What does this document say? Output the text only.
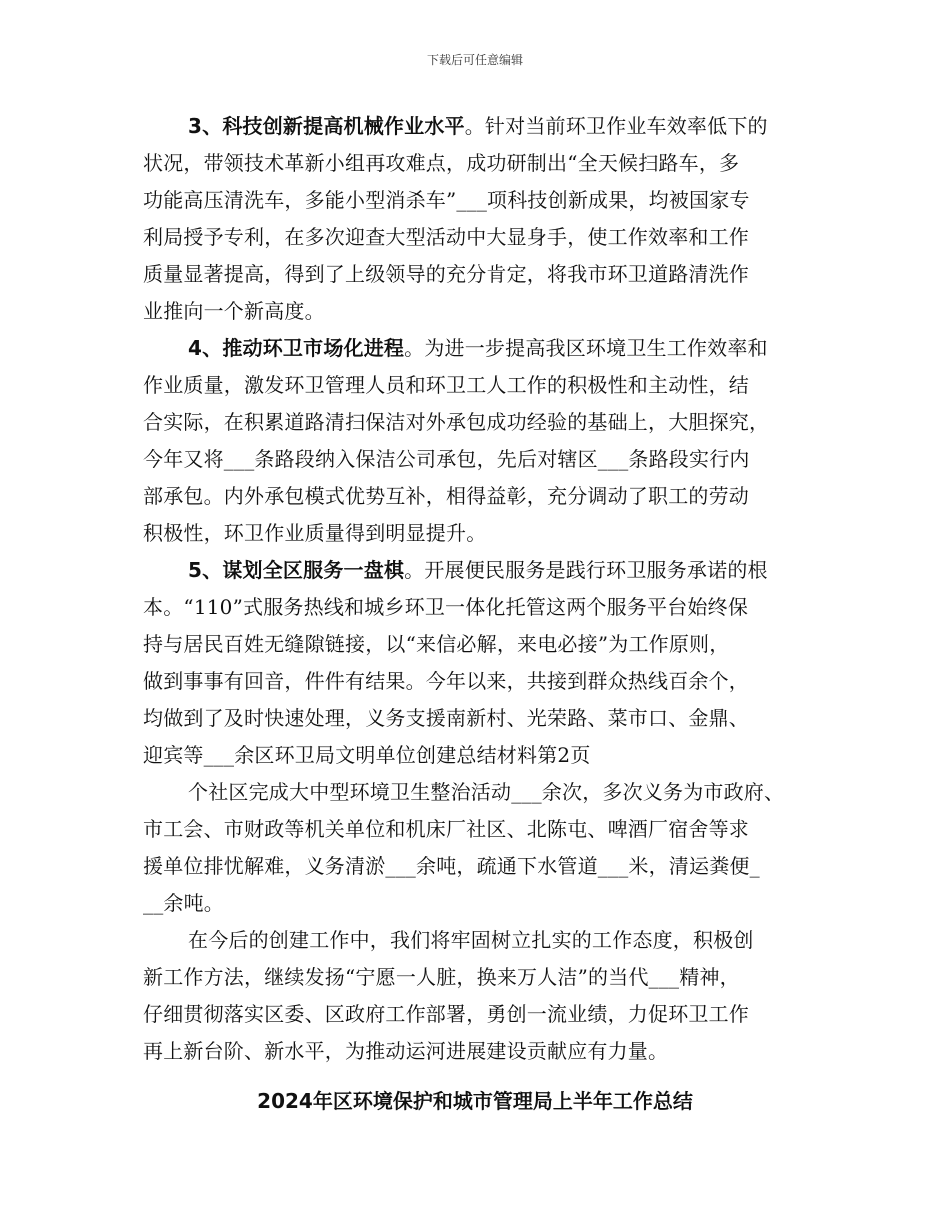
下载后可任意编辑
3、科技创新提高机械作业水平。针对当前环卫作业车效率低下的
状况，带领技术革新小组再攻难点，成功研制出“全天候扫路车，多
功能高压清洗车，多能小型消杀车”___项科技创新成果，均被国家专
利局授予专利，在多次迎查大型活动中大显身手，使工作效率和工作
质量显著提高，得到了上级领导的充分肯定，将我市环卫道路清洗作
业推向一个新高度。
4、推动环卫市场化进程。为进一步提高我区环境卫生工作效率和
作业质量，激发环卫管理人员和环卫工人工作的积极性和主动性，结
合实际，在积累道路清扫保洁对外承包成功经验的基础上，大胆探究，
今年又将___条路段纳入保洁公司承包，先后对辖区___条路段实行内
部承包。内外承包模式优势互补，相得益彰，充分调动了职工的劳动
积极性，环卫作业质量得到明显提升。
5、谋划全区服务一盘棋。开展便民服务是践行环卫服务承诺的根
本。“110”式服务热线和城乡环卫一体化托管这两个服务平台始终保
持与居民百姓无缝隙链接，以“来信必解，来电必接”为工作原则，
做到事事有回音，件件有结果。今年以来，共接到群众热线百余个，
均做到了及时快速处理，义务支援南新村、光荣路、菜市口、金鼎、
迎宾等___余区环卫局文明单位创建总结材料第2页
个社区完成大中型环境卫生整治活动___余次，多次义务为市政府、
市工会、市财政等机关单位和机床厂社区、北陈屯、啤酒厂宿舍等求
援单位排忧解难，义务清淤___余吨，疏通下水管道___米，清运粪便_
__余吨。
在今后的创建工作中，我们将牢固树立扎实的工作态度，积极创
新工作方法，继续发扬“宁愿一人脏，换来万人洁”的当代___精神，
仔细贯彻落实区委、区政府工作部署，勇创一流业绩，力促环卫工作
再上新台阶、新水平，为推动运河进展建设贡献应有力量。
2024年区环境保护和城市管理局上半年工作总结
